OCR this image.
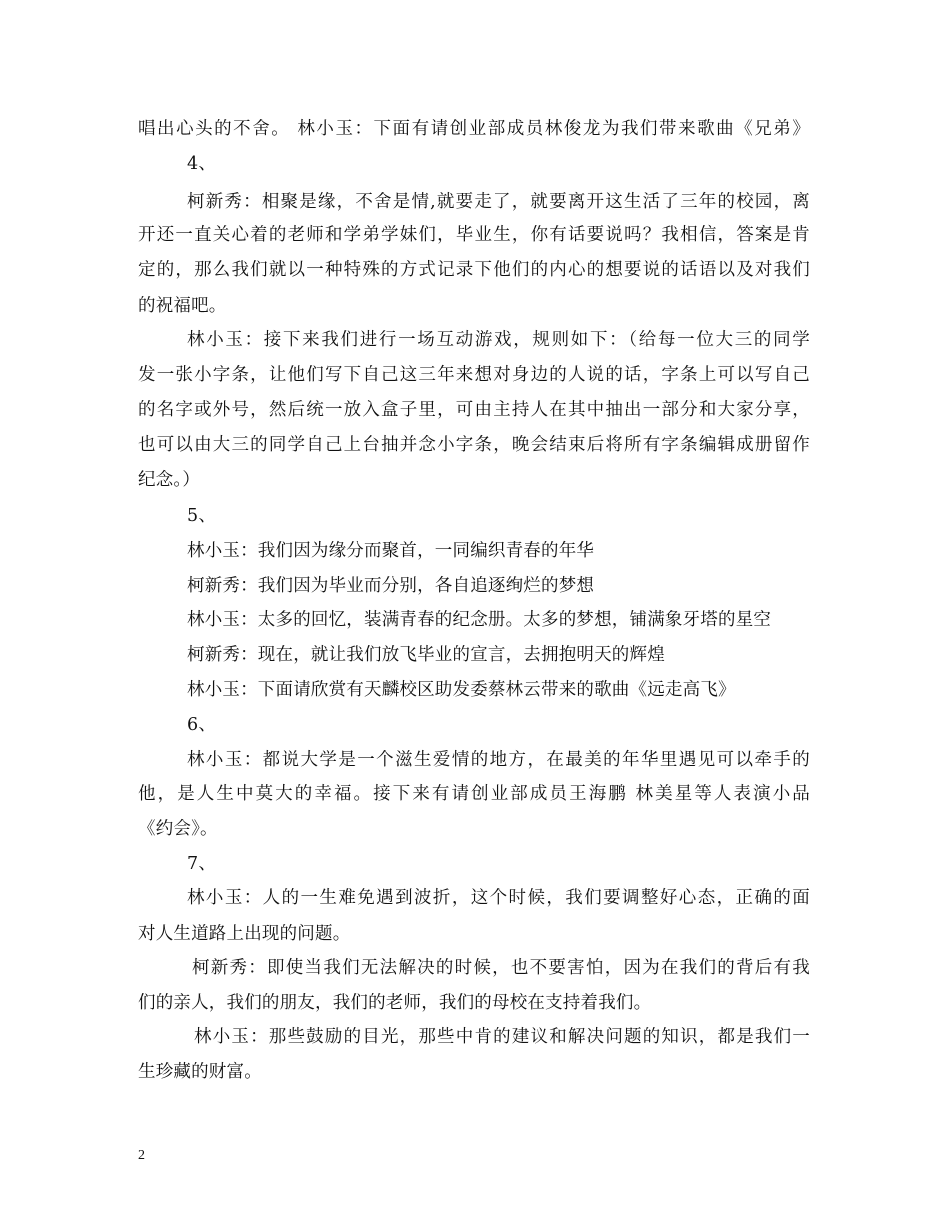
唱出心头的不舍。 林小玉：下面有请创业部成员林俊龙为我们带来歌曲《兄弟》
4、
柯新秀：相聚是缘，不舍是情,就要走了，就要离开这生活了三年的校园，离
开还一直关心着的老师和学弟学妹们，毕业生，你有话要说吗？我相信，答案是肯
定的，那么我们就以一种特殊的方式记录下他们的内心的想要说的话语以及对我们
的祝福吧。
林小玉：接下来我们进行一场互动游戏，规则如下：（给每一位大三的同学
发一张小字条，让他们写下自己这三年来想对身边的人说的话，字条上可以写自己
的名字或外号，然后统一放入盒子里，可由主持人在其中抽出一部分和大家分享，
也可以由大三的同学自己上台抽并念小字条，晚会结束后将所有字条编辑成册留作
纪念。）
5、
林小玉：我们因为缘分而聚首，一同编织青春的年华
柯新秀：我们因为毕业而分别，各自追逐绚烂的梦想
林小玉：太多的回忆，装满青春的纪念册。太多的梦想，铺满象牙塔的星空
柯新秀：现在，就让我们放飞毕业的宣言，去拥抱明天的辉煌
林小玉：下面请欣赏有天麟校区助发委蔡林云带来的歌曲《远走高飞》
6、
林小玉：都说大学是一个滋生爱情的地方，在最美的年华里遇见可以牵手的
他，是人生中莫大的幸福。接下来有请创业部成员王海鹏 林美星等人表演小品
《约会》。
7、
林小玉：人的一生难免遇到波折，这个时候，我们要调整好心态，正确的面
对人生道路上出现的问题。
柯新秀：即使当我们无法解决的时候，也不要害怕，因为在我们的背后有我
们的亲人，我们的朋友，我们的老师，我们的母校在支持着我们。
林小玉：那些鼓励的目光，那些中肯的建议和解决问题的知识，都是我们一
生珍藏的财富。
2
